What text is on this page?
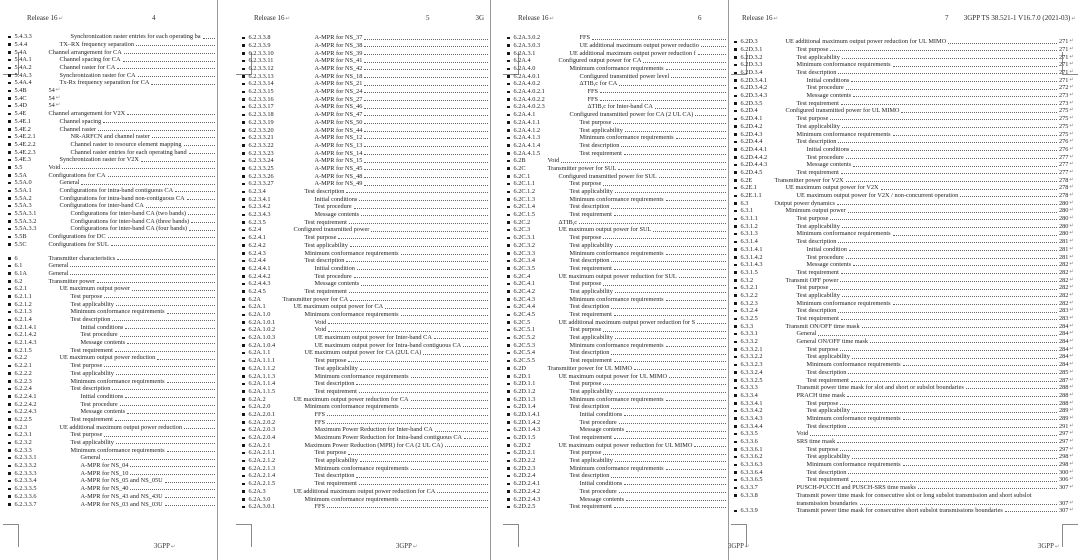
Release 16↵	4
5.4.3.3	Synchronization raster entries for each operating ba
5.4.4	TX–RX frequency separation
5.4A	Channel arrangement for CA
5.4A.1	Channel spacing for CA
5.4A.2	Channel raster for CA
5.4A.3	Synchronization raster for CA
5.4A.4	Tx-Rx frequency separation for CA
5.4B	54 ↵
5.4C	54 ↵
5.4D	54 ↵
5.4E	Channel arrangement for V2X
5.4E.1	Channel spacing
5.4E.2	Channel raster
5.4E.2.1	NR-ARFCN and channel raster
5.4E.2.2	Channel raster to resource element mapping
5.4E.2.3	Channel raster entries for each operating band
5.4E.3	Synchronization raster for V2X
5.5	Void
5.5A	Configurations for CA
5.5A.0	General
5.5A.1	Configurations for intra-band contiguous CA
5.5A.2	Configurations for intra-band non-contiguous CA
5.5A.3	Configurations for inter-band CA
5.5A.3.1	Configurations for inter-band CA (two bands)
5.5A.3.2	Configurations for inter-band CA (three bands)
5.5A.3.3	Configurations for inter-band CA (four bands)
5.5B	Configurations for DC
5.5C	Configurations for SUL
6	Transmitter characteristics
6.1	General
6.1A	General
6.2	Transmitter power
6.2.1	UE maximum output power
6.2.1.1	Test purpose
6.2.1.2	Test applicability
6.2.1.3	Minimum conformance requirements
6.2.1.4	Test description
6.2.1.4.1	Initial conditions
6.2.1.4.2	Test procedure
6.2.1.4.3	Message contents
6.2.1.5	Test requirement
6.2.2	UE maximum output power reduction
6.2.2.1	Test purpose
6.2.2.2	Test applicability
6.2.2.3	Minimum conformance requirements
6.2.2.4	Test description
6.2.2.4.1	Initial conditions
6.2.2.4.2	Test procedure
6.2.2.4.3	Message contents
6.2.2.5	Test requirement
6.2.3	UE additional maximum output power reduction
6.2.3.1	Test purpose
6.2.3.2	Test applicability
6.2.3.3	Minimum conformance requirements
6.2.3.3.1	General
6.2.3.3.2	A-MPR for NS_04
6.2.3.3.3	A-MPR for NS_10
6.2.3.3.4	A-MPR for NS_05 and NS_05U
6.2.3.3.5	A-MPR for NS_40
6.2.3.3.6	A-MPR for NS_43 and NS_43U
6.2.3.3.7	A-MPR for NS_03 and NS_03U
Release 16↵	5	3G
6.2.3.3.8	A-MPR for NS_37
6.2.3.3.9	A-MPR for NS_38
6.2.3.3.10	A-MPR for NS_39
6.2.3.3.11	A-MPR for NS_41
6.2.3.3.12	A-MPR for NS_42
6.2.3.3.13	A-MPR for NS_18
6.2.3.3.14	A-MPR for NS_21
6.2.3.3.15	A-MPR for NS_24
6.2.3.3.16	A-MPR for NS_27
6.2.3.3.17	A-MPR for NS_46
6.2.3.3.18	A-MPR for NS_47
6.2.3.3.19	A-MPR for NS_50
6.2.3.3.20	A-MPR for NS_44
6.2.3.3.21	A-MPR for NS_12
6.2.3.3.22	A-MPR for NS_13
6.2.3.3.23	A-MPR for NS_14
6.2.3.3.24	A-MPR for NS_15
6.2.3.3.25	A-MPR for NS_45
6.2.3.3.26	A-MPR for NS_48
6.2.3.3.27	A-MPR for NS_49
6.2.3.4	Test description
6.2.3.4.1	Initial conditions
6.2.3.4.2	Test procedure
6.2.3.4.3	Message contents
6.2.3.5	Test requirement
6.2.4	Configured transmitted power
6.2.4.1	Test purpose
6.2.4.2	Test applicability
6.2.4.3	Minimum conformance requirements
6.2.4.4	Test description
6.2.4.4.1	Initial condition
6.2.4.4.2	Test procedure
6.2.4.4.3	Message contents
6.2.4.5	Test requirement
6.2A	Transmitter power for CA
6.2A.1	UE maximum output power for CA
6.2A.1.0	Minimum conformance requirements
6.2A.1.0.1	Void
6.2A.1.0.2	Void
6.2A.1.0.3	UE maximum output power for Inter-band CA
6.2A.1.0.4	UE maximum output power for Intra-band contiguous CA
6.2A.1.1	UE maximum output power for CA (2UL CA)
6.2A.1.1.1	Test purpose
6.2A.1.1.2	Test applicability
6.2A.1.1.3	Minimum conformance requirements
6.2A.1.1.4	Test description
6.2A.1.1.5	Test requirement
6.2A.2	UE maximum output power reduction for CA
6.2A.2.0	Minimum conformance requirements
6.2A.2.0.1	FFS
6.2A.2.0.2	FFS
6.2A.2.0.3	Maximum Power Reduction for Inter-band CA
6.2A.2.0.4	Maximum Power Reduction for Intra-band contiguous CA
6.2A.2.1	Maximum Power Reduction (MPR) for CA (2 UL CA)
6.2A.2.1.1	Test purpose
6.2A.2.1.2	Test applicability
6.2A.2.1.3	Minimum conformance requirements
6.2A.2.1.4	Test description
6.2A.2.1.5	Test requirement
6.2A.3	UE additional maximum output power reduction for CA
6.2A.3.0	Minimum conformance requirements
6.2A.3.0.1	FFS
Release 16↵	6
6.2A.3.0.2	FFS
6.2A.3.0.3	UE additional maximum output power reductio
6.2A.3.1	UE additional maximum output power reduction f
6.2A.4	Configured output power for CA
6.2A.4.0	Minimum conformance requirements
6.2A.4.0.1	Configured transmitted power level
6.2A.4.0.2	ΔTIB,c for CA
6.2A.4.0.2.1	FFS
6.2A.4.0.2.2	FFS
6.2A.4.0.2.3	ΔTIB,c for Inter-band CA
6.2A.4.1	Configured transmitted power for CA (2 UL CA)
6.2A.4.1.1	Test purpose
6.2A.4.1.2	Test applicability
6.2A.4.1.3	Minimum conformance requirements
6.2A.4.1.4	Test description
6.2A.4.1.5	Test requirement
6.2B	Void
6.2C	Transmitter power for SUL
6.2C.1	Configured transmitted power for SUL
6.2C.1.1	Test purpose
6.2C.1.2	Test applicability
6.2C.1.3	Minimum conformance requirements
6.2C.1.4	Test description
6.2C.1.5	Test requirement
6.2C.2	ΔTIB,c
6.2C.3	UE maximum output power for SUL
6.2C.3.1	Test purpose
6.2C.3.2	Test applicability
6.2C.3.3	Minimum conformance requirements
6.2C.3.4	Test description
6.2C.3.5	Test requirement
6.2C.4	UE maximum output power reduction for SUL
6.2C.4.1	Test purpose
6.2C.4.2	Test applicability
6.2C.4.3	Minimum conformance requirements
6.2C.4.4	Test description
6.2C.4.5	Test requirement
6.2C.5	UE additional maximum output power reduction for S
6.2C.5.1	Test purpose
6.2C.5.2	Test applicability
6.2C.5.3	Minimum conformance requirements
6.2C.5.4	Test description
6.2C.5.5	Test requirement
6.2D	Transmitter power for UL MIMO
6.2D.1	UE maximum output power for UL MIMO
6.2D.1.1	Test purpose
6.2D.1.2	Test applicability
6.2D.1.3	Minimum conformance requirements
6.2D.1.4	Test description
6.2D.1.4.1	Initial conditions
6.2D.1.4.2	Test procedure
6.2D.1.4.3	Message contents
6.2D.1.5	Test requirement
6.2D.2	UE maximum output power reduction for UL MIMO
6.2D.2.1	Test purpose
6.2D.2.2	Test applicability
6.2D.2.3	Minimum conformance requirements
6.2D.2.4	Test description
6.2D.2.4.1	Initial conditions
6.2D.2.4.2	Test procedure
6.2D.2.4.3	Message contents
6.2D.2.5	Test requirement
Release 16↵	7 3GPP TS 38.521-1 V16.7.0 (2021-03)↵
6.2D.3	UE additional maximum output power reduction for UL MIMO	271 ↵
6.2D.3.1	Test purpose	271 ↵
6.2D.3.2	Test applicability	271 ↵
6.2D.3.3	Minimum conformance requirements	271 ↵
6.2D.3.4	Test description	271 ↵
6.2D.3.4.1	Initial conditions	271 ↵
6.2D.3.4.2	Test procedure	272 ↵
6.2D.3.4.3	Message contents	273 ↵
6.2D.3.5	Test requirement	273 ↵
6.2D.4	Configured transmitted power for UL MIMO	275 ↵
6.2D.4.1	Test purpose	275 ↵
6.2D.4.2	Test applicability	275 ↵
6.2D.4.3	Minimum conformance requirements	275 ↵
6.2D.4.4	Test description	276 ↵
6.2D.4.4.1	Initial conditions	276 ↵
6.2D.4.4.2	Test procedure	277 ↵
6.2D.4.4.3	Message contents	277 ↵
6.2D.4.5	Test requirement	277 ↵
6.2E	Transmitter power for V2X	278 ↵
6.2E.1	UE maximum output power for V2X	278 ↵
6.2E.1.1	UE maximum output power for V2X / non-concurrent operation	278 ↵
6.3	Output power dynamics	280 ↵
6.3.1	Minimum output power	280 ↵
6.3.1.1	Test purpose	280 ↵
6.3.1.2	Test applicability	280 ↵
6.3.1.3	Minimum conformance requirements	280 ↵
6.3.1.4	Test description	281 ↵
6.3.1.4.1	Initial condition	281 ↵
6.3.1.4.2	Test procedure	281 ↵
6.3.1.4.3	Message contents	282 ↵
6.3.1.5	Test requirement	282 ↵
6.3.2	Transmit OFF power	282 ↵
6.3.2.1	Test purpose	282 ↵
6.3.2.2	Test applicability	282 ↵
6.3.2.3	Minimum conformance requirements	282 ↵
6.3.2.4	Test description	283 ↵
6.3.2.5	Test requirement	283 ↵
6.3.3	Transmit ON/OFF time mask	284 ↵
6.3.3.1	General	284 ↵
6.3.3.2	General ON/OFF time mask	284 ↵
6.3.3.2.1	Test purpose	284 ↵
6.3.3.2.2	Test applicability	284 ↵
6.3.3.2.3	Minimum conformance requirements	284 ↵
6.3.3.2.4	Test description	285 ↵
6.3.3.2.5	Test requirement	287 ↵
6.3.3.3	Transmit power time mask for slot and short or subslot boundaries	288 ↵
6.3.3.4	PRACH time mask	288 ↵
6.3.3.4.1	Test purpose	288 ↵
6.3.3.4.2	Test applicability	289 ↵
6.3.3.4.3	Minimum conformance requirements	289 ↵
6.3.3.4.4	Test description	291 ↵
6.3.3.5	Void	297 ↵
6.3.3.6	SRS time mask	297 ↵
6.3.3.6.1	Test purpose	297 ↵
6.3.3.6.2	Test applicability	298 ↵
6.3.3.6.3	Minimum conformance requirements	298 ↵
6.3.3.6.4	Test description	300 ↵
6.3.3.6.5	Test requirement	306 ↵
6.3.3.7	PUSCH-PUCCH and PUSCH-SRS time masks	307 ↵
6.3.3.8	Transmit power time mask for consecutive slot or long subslot transmission and short subslot
transmission boundaries	307 ↵
6.3.3.9	Transmit power time mask for consecutive short subslot transmissions boundaries	307 ↵
3GPP↵	3GPP↵	3GPP↵	3GPP↵
